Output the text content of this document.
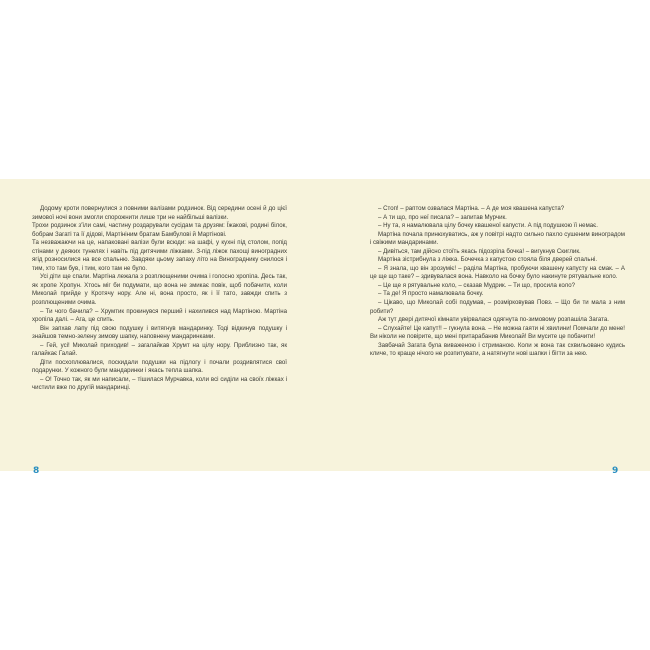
Додому кроти повернулися з повними валізами родзинок. Від середини осені й до цієї зимової ночі вони змогли спорожнити лише три не найбільші валізки.

Трохи родзинок з'їли самі, частину роздарували сусідам та друзям: Їжакові, родині білок, бобрам Загаті та її дідові, Мартініним братам Бамбулові й Мартінові.

Та незважаючи на це, напаковані валізи були всюди: на шафі, у кухні під столом, попід стінами у деяких тунелях і навіть під дитячими ліжками. З-під ліжок пахощі виноградних ягід розносилися на все спальню. Завдяки цьому запаху літо на Винограднику снилося і тим, хто там був, і тим, кого там не було.

Усі діти ще спали. Мартіна лежала з розплющеними очима і голосно хропіла. Десь так, як хропе Хропун. Хтось міг би подумати, що вона не змикає повік, щоб побачити, коли Миколай прийде у Кротячу нору. Але ні, вона просто, як і її тато, завжди спить з розплющеними очима.

– Ти чого бачила? – Хрумтик прокинувся перший і нахилився над Мартіною. Мартіна хропіла далі. – Ага, це спить.

Він запхав лапу під свою подушку і витягнув мандаринку. Тоді відкинув подушку і знайшов темно-зелену зимову шапку, наповнену мандаринками.

– Гей, усі! Миколай приходив! – загалайкав Хрумт на цілу нору. Приблизно так, як галайкає Галай.

Діти посхоплювалися, поскидали подушки на підлогу і почали роздивлятися свої подарунки. У кожного були мандаринки і якась тепла шапка.

– О! Точно так, як ми написали, – тішилася Мурчавка, коли всі сиділи на своїх ліжках і чистили вже по другій мандаринці.

– Стоп! – раптом озвалася Мартіна. – А де моя квашена капуста?

– А ти що, про неї писала? – запитав Мурчик.

– Ну та, я намалювала цілу бочку квашеної капусти. А під подушкою її немає.

Мартіна почала принюхуватись, аж у повітрі надто сильно пахло сушеним виноградом і свіжими мандаринами.

– Дивіться, там дійсно стоїть якась підозріла бочка! – вигукнув Скиглик.

Мартіна зістрибнула з ліжка. Бочечка з капустою стояла біля дверей спальні.

– Я знала, що він зрозуміє! – раділа Мартіна, пробуючи квашену капусту на смак. – А це ще що таке? – здивувалася вона. Навколо на бочку було накинуте рятувальне коло.

– Це ще я рятувальне коло, – сказав Мудрик. – Ти що, просила коло?

– Та де! Я просто намалювала бочку.

– Цікаво, що Миколай собі подумав, – розмірковував Повз. – Що би ти мала з ним робити?

Аж тут двері дитячої кімнати увірвалася одягнута по-зимовому розпашіла Загата.

– Слухайте! Це капут!! – гукнула вона. – Не можна гаяти ні хвилини! Помчали до мене! Ви ніколи не повірите, що мені притарабанив Миколай! Ви мусите це побачити!

Завбачай Загата була виваженою і стриманою. Коли ж вона так схвильовано кудись кличе, то краще нічого не розпитувати, а натягнути нові шапки і бігти за нею.

8	9
